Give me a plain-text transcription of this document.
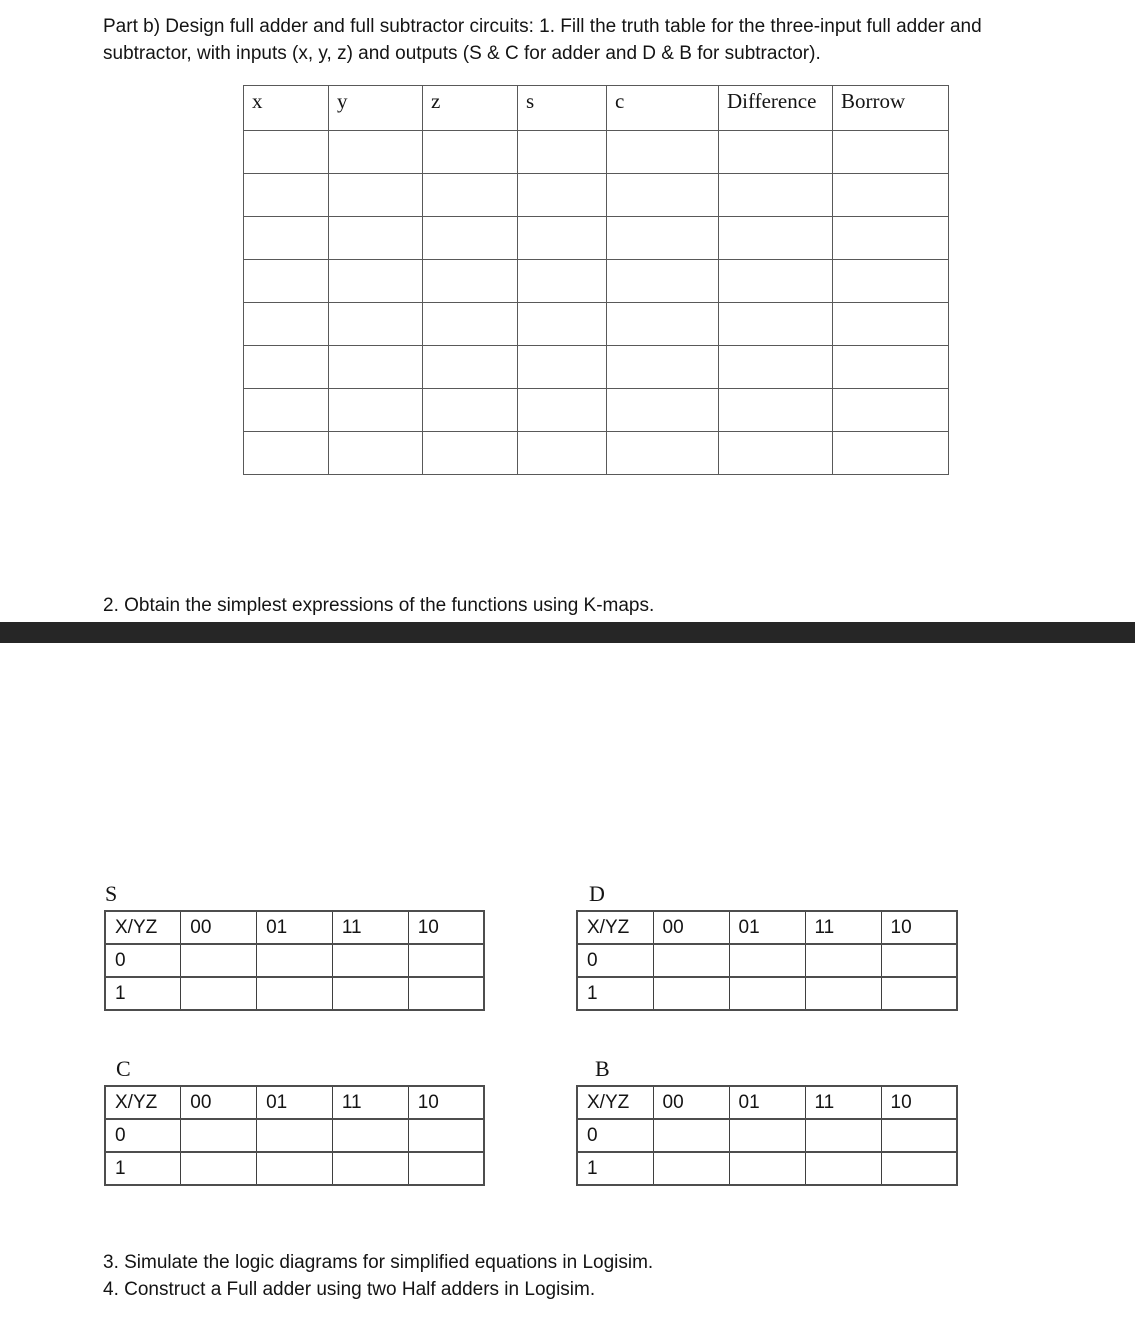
Part b) Design full adder and full subtractor circuits: 1. Fill the truth table for the three-input full adder and
subtractor, with inputs (x, y, z) and outputs (S & C for adder and D & B for subtractor).
x	y	z	s	c	Difference	Borrow

2. Obtain the simplest expressions of the functions using K-maps.
S
X/YZ	00	01	11	10
0				
1				
D
X/YZ	00	01	11	10
0				
1				
C
X/YZ	00	01	11	10
0				
1				
B
X/YZ	00	01	11	10
0				
1				
3. Simulate the logic diagrams for simplified equations in Logisim.
4. Construct a Full adder using two Half adders in Logisim.
